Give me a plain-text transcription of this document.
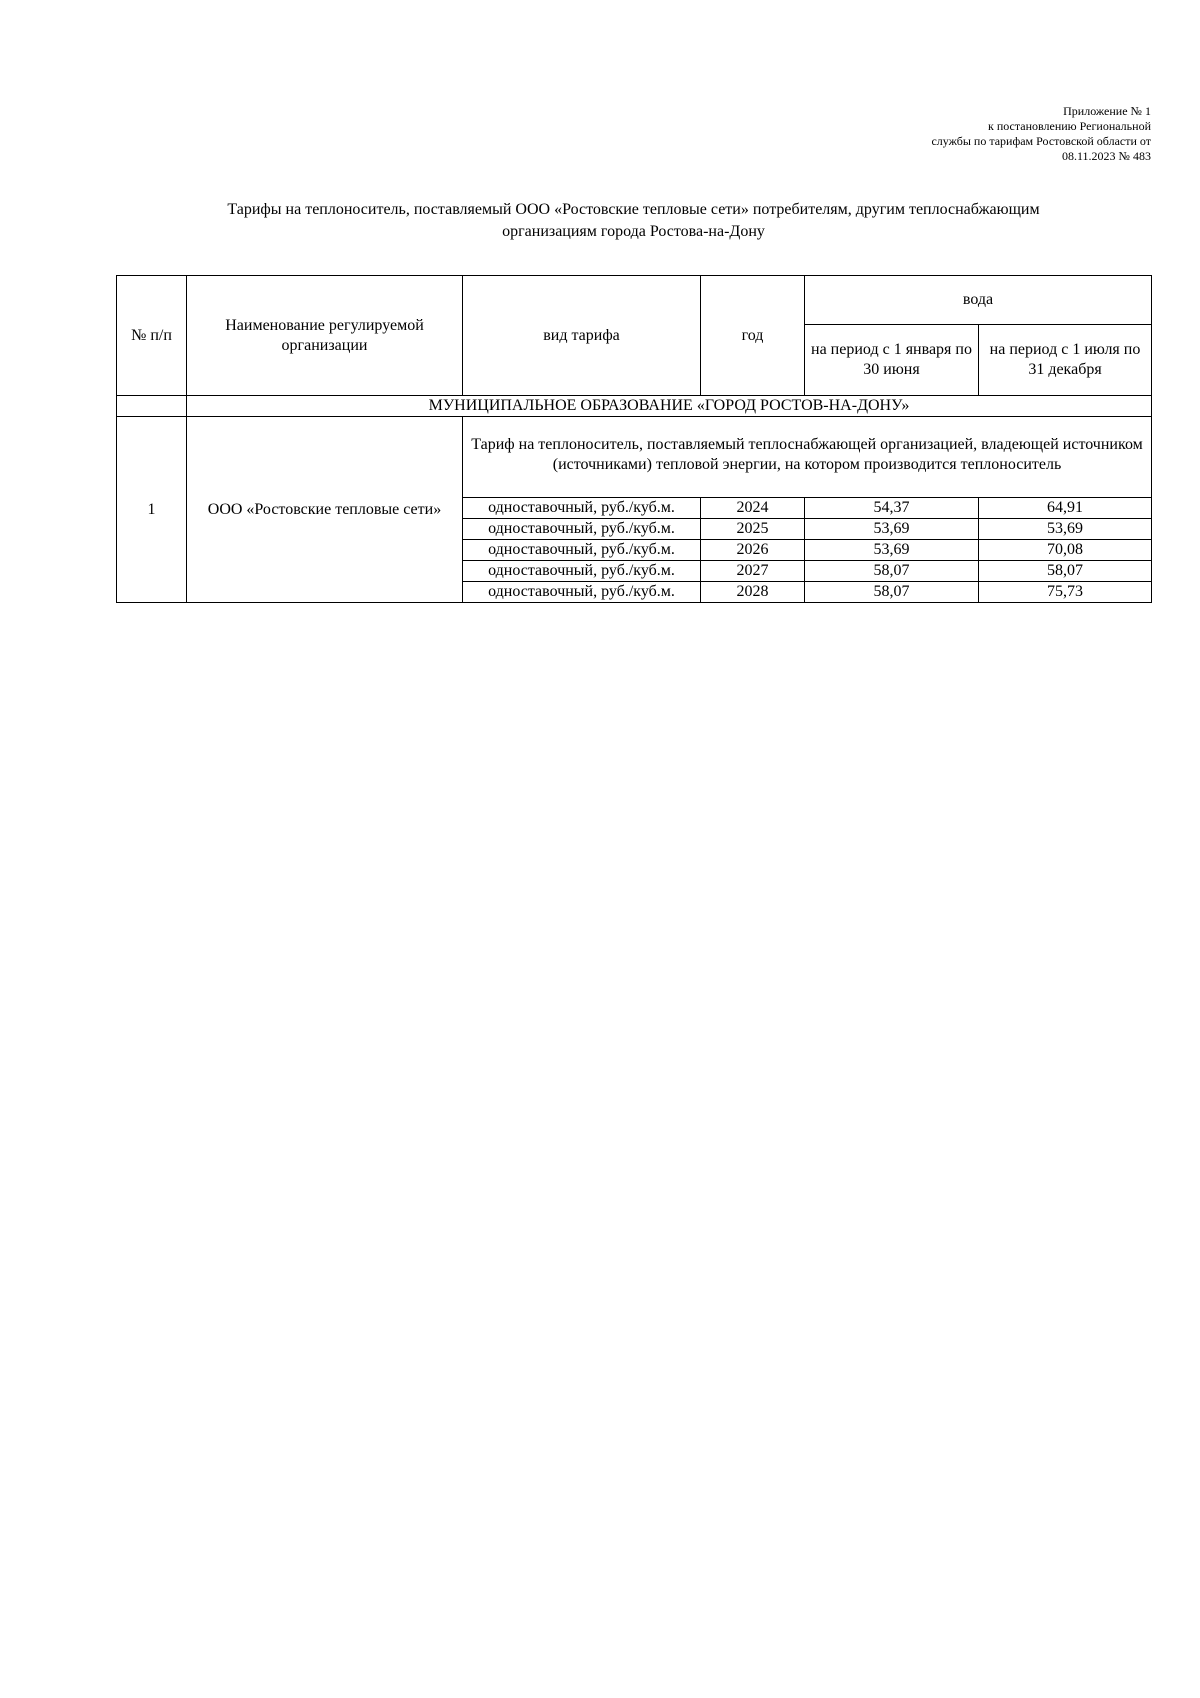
Приложение № 1
к постановлению Региональной
службы по тарифам Ростовской области от
08.11.2023 № 483
Тарифы на теплоноситель, поставляемый ООО «Ростовские тепловые сети» потребителям, другим теплоснабжающим
организациям города Ростова-на-Дону
№ п/п	Наименование регулируемой организации	вид тарифа	год	вода	
				на период с 1 января по 30 июня	на период с 1 июля по 31 декабря
	МУНИЦИПАЛЬНОЕ ОБРАЗОВАНИЕ «ГОРОД РОСТОВ-НА-ДОНУ»				
1	ООО «Ростовские тепловые сети»	Тариф на теплоноситель, поставляемый теплоснабжающей организацией, владеющей источником (источниками) тепловой энергии, на котором производится теплоноситель			
		одноставочный, руб./куб.м.	2024	54,37	64,91
		одноставочный, руб./куб.м.	2025	53,69	53,69
		одноставочный, руб./куб.м.	2026	53,69	70,08
		одноставочный, руб./куб.м.	2027	58,07	58,07
		одноставочный, руб./куб.м.	2028	58,07	75,73
